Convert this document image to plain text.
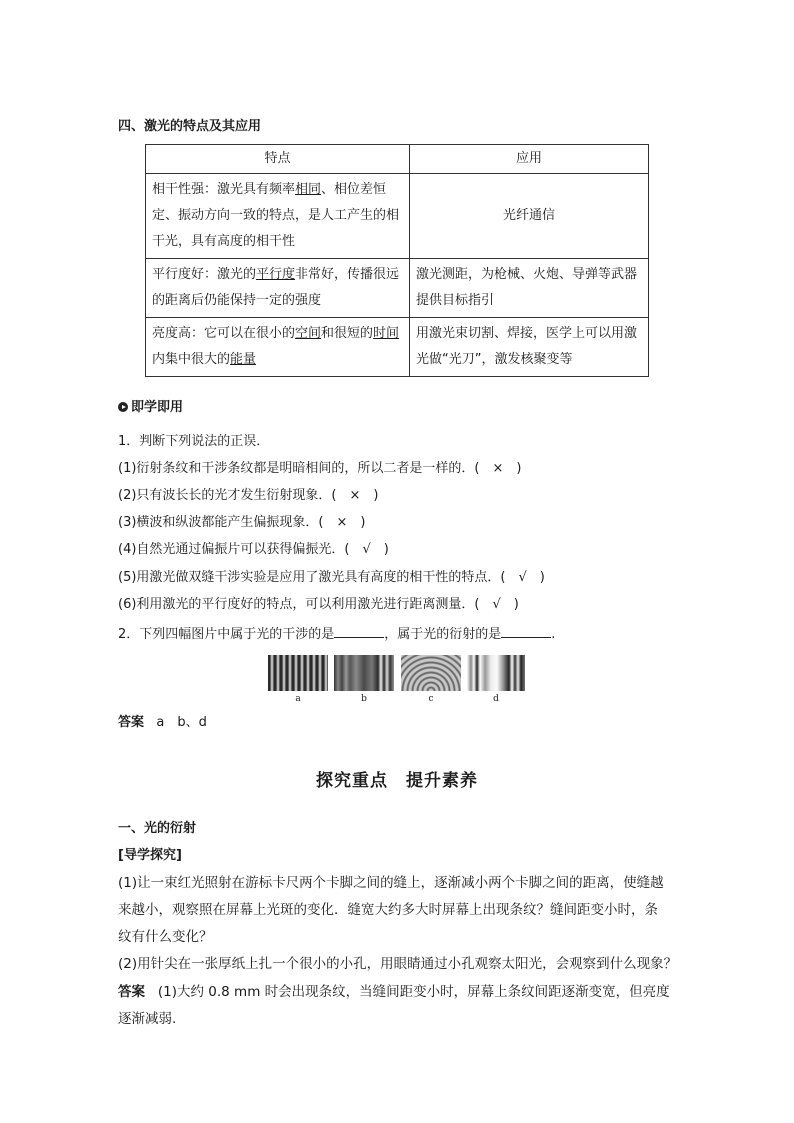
四、激光的特点及其应用
特点	应用
相干性强：激光具有频率相同、相位差恒定、振动方向一致的特点，是人工产生的相干光，具有高度的相干性	光纤通信
平行度好：激光的平行度非常好，传播很远的距离后仍能保持一定的强度	激光测距，为枪械、火炮、导弹等武器提供目标指引
亮度高：它可以在很小的空间和很短的时间内集中很大的能量	用激光束切割、焊接，医学上可以用激光做“光刀”，激发核聚变等
即学即用
1．判断下列说法的正误．
(1)衍射条纹和干涉条纹都是明暗相间的，所以二者是一样的．(　×　)
(2)只有波长长的光才发生衍射现象．(　×　)
(3)横波和纵波都能产生偏振现象．(　×　)
(4)自然光通过偏振片可以获得偏振光．(　√　)
(5)用激光做双缝干涉实验是应用了激光具有高度的相干性的特点．(　√　)
(6)利用激光的平行度好的特点，可以利用激光进行距离测量．(　√　)
2．下列四幅图片中属于光的干涉的是	，属于光的衍射的是	.
a	b	c	d
答案 a　b、d
探究重点　提升素养
一、光的衍射
[导学探究]
(1)让一束红光照射在游标卡尺两个卡脚之间的缝上，逐渐减小两个卡脚之间的距离，使缝越
来越小，观察照在屏幕上光斑的变化．缝宽大约多大时屏幕上出现条纹？缝间距变小时，条
纹有什么变化？
(2)用针尖在一张厚纸上扎一个很小的小孔，用眼睛通过小孔观察太阳光，会观察到什么现象？
答案 (1)大约 0.8 mm 时会出现条纹，当缝间距变小时，屏幕上条纹间距逐渐变宽，但亮度
逐渐减弱.
